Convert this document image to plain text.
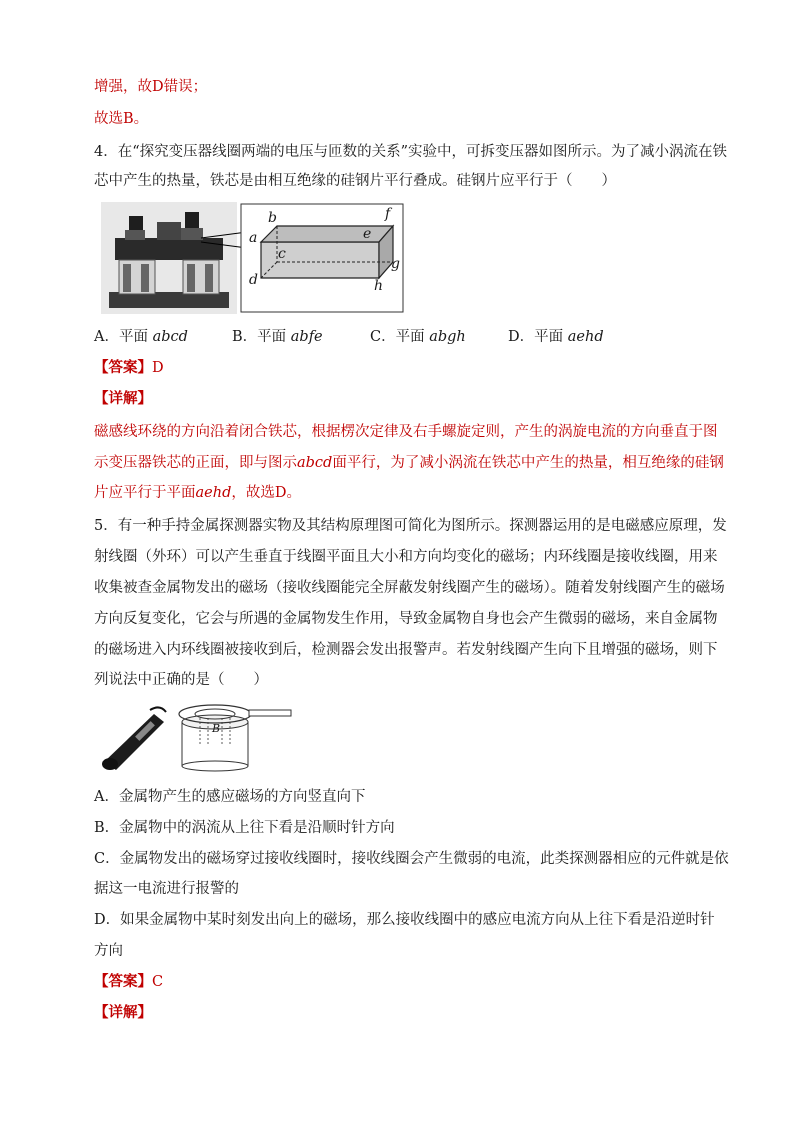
增强，故D错误；
故选B。
4．在“探究变压器线圈两端的电压与匝数的关系”实验中，可拆变压器如图所示。为了减小涡流在铁
芯中产生的热量，铁芯是由相互绝缘的硅钢片平行叠成。硅钢片应平行于（　　）
a
b
c
d
e
f
g
h
A．平面 abcd	B．平面 abfe	C．平面 abgh	D．平面 aehd
【答案】D
【详解】
磁感线环绕的方向沿着闭合铁芯，根据楞次定律及右手螺旋定则，产生的涡旋电流的方向垂直于图
示变压器铁芯的正面，即与图示abcd面平行，为了减小涡流在铁芯中产生的热量，相互绝缘的硅钢
片应平行于平面aehd，故选D。
5．有一种手持金属探测器实物及其结构原理图可简化为图所示。探测器运用的是电磁感应原理，发
射线圈（外环）可以产生垂直于线圈平面且大小和方向均变化的磁场；内环线圈是接收线圈，用来
收集被查金属物发出的磁场（接收线圈能完全屏蔽发射线圈产生的磁场）。随着发射线圈产生的磁场
方向反复变化，它会与所遇的金属物发生作用，导致金属物自身也会产生微弱的磁场，来自金属物
的磁场进入内环线圈被接收到后，检测器会发出报警声。若发射线圈产生向下且增强的磁场，则下
列说法中正确的是（　　）
B
A．金属物产生的感应磁场的方向竖直向下
B．金属物中的涡流从上往下看是沿顺时针方向
C．金属物发出的磁场穿过接收线圈时，接收线圈会产生微弱的电流，此类探测器相应的元件就是依
据这一电流进行报警的
D．如果金属物中某时刻发出向上的磁场，那么接收线圈中的感应电流方向从上往下看是沿逆时针
方向
【答案】C
【详解】
